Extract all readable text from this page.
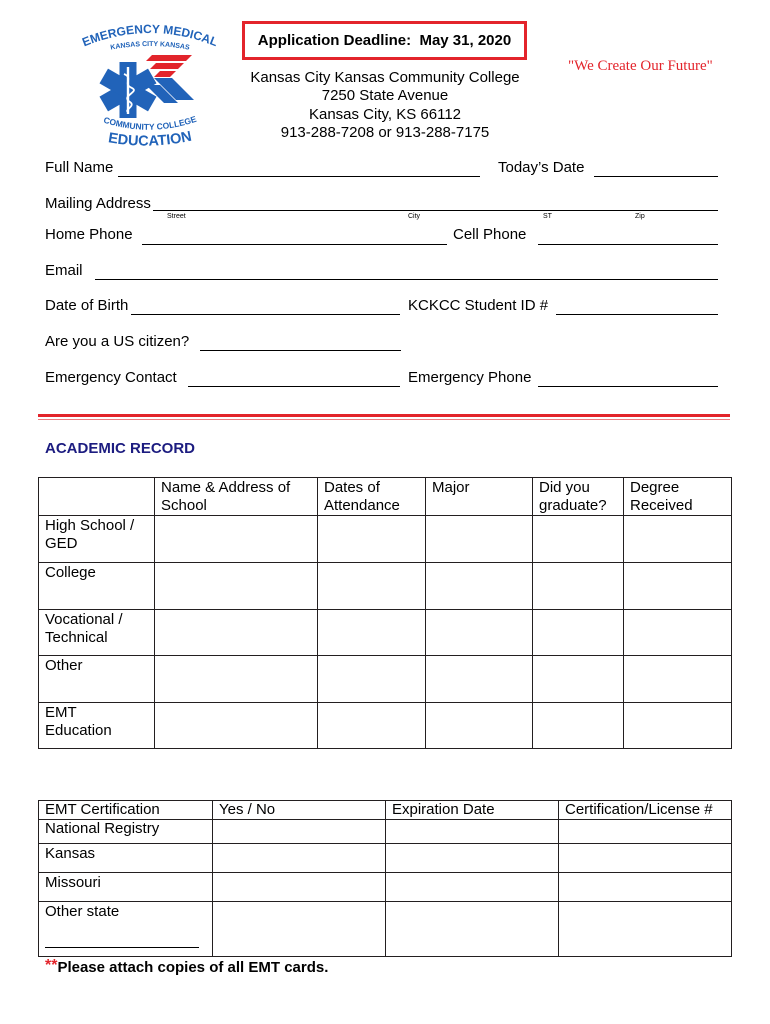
EMERGENCY MEDICAL
KANSAS CITY KANSAS
COMMUNITY COLLEGE
EDUCATION
Application Deadline:  May 31, 2020
"We Create Our Future"
Kansas City Kansas Community College
7250 State Avenue
Kansas City, KS 66112
913-288-7208 or 913-288-7175
Full Name	Today’s Date
Mailing Address
Street	City	ST	Zip
Home Phone	Cell Phone
Email
Date of Birth	KCKCC Student ID #
Are you a US citizen?
Emergency Contact	Emergency Phone
ACADEMIC RECORD
	Name & Address of School	Dates of Attendance	Major	Did you graduate?	Degree Received
High School / GED					
College					
Vocational / Technical					
Other					
EMT Education					
EMT Certification	Yes / No	Expiration Date	Certification/License #
National Registry			
Kansas			
Missouri			
Other state

**Please attach copies of all EMT cards.
